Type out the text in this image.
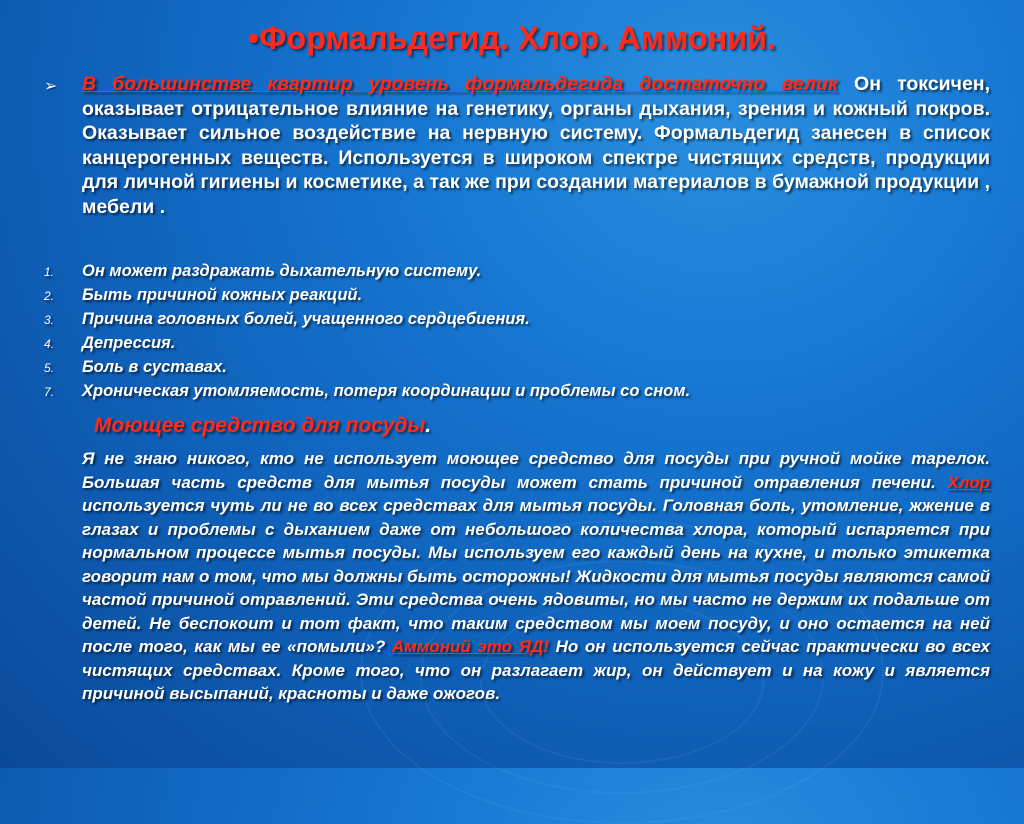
•Формальдегид. Хлор. Аммоний.
➢ В большинстве квартир уровень формальдегида достаточно велик Он токсичен, оказывает отрицательное влияние на генетику, органы дыхания, зрения и кожный покров. Оказывает сильное воздействие на нервную систему. Формальдегид занесен в список канцерогенных веществ. Используется в широком спектре чистящих средств, продукции для личной гигиены и косметике, а так же при создании материалов в бумажной продукции , мебели .
1. Он может раздражать дыхательную систему.
2. Быть причиной кожных реакций.
3. Причина головных болей, учащенного сердцебиения.
4. Депрессия.
5. Боль в суставах.
7. Хроническая утомляемость, потеря координации и проблемы со сном.
Моющее средство для посуды.
Я не знаю никого, кто не использует моющее средство для посуды при ручной мойке тарелок. Большая часть средств для мытья посуды может стать причиной отравления печени. Хлор используется чуть ли не во всех средствах для мытья посуды. Головная боль, утомление, жжение в глазах и проблемы с дыханием даже от небольшого количества хлора, который испаряется при нормальном процессе мытья посуды. Мы используем его каждый день на кухне, и только этикетка говорит нам о том, что мы должны быть осторожны! Жидкости для мытья посуды являются самой частой причиной отравлений. Эти средства очень ядовиты, но мы часто не держим их подальше от детей. Не беспокоит и тот факт, что таким средством мы моем посуду, и оно остается на ней после того, как мы ее «помыли»? Аммоний это ЯД! Но он используется сейчас практически во всех чистящих средствах. Кроме того, что он разлагает жир, он действует и на кожу и является причиной высыпаний, красноты и даже ожогов.
